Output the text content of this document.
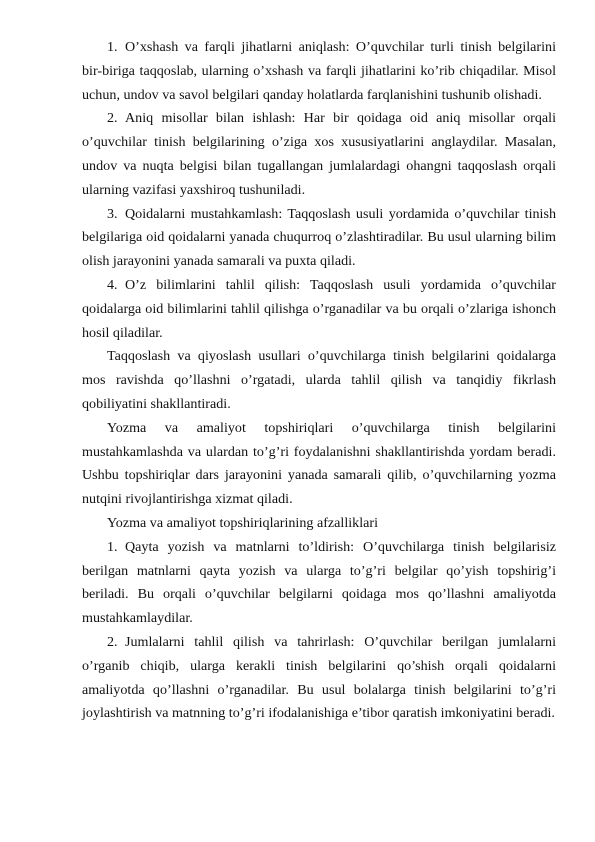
1. O’xshash va farqli jihatlarni aniqlash: O’quvchilar turli tinish belgilarini bir-biriga taqqoslab, ularning o’xshash va farqli jihatlarini ko’rib chiqadilar. Misol uchun, undov va savol belgilari qanday holatlarda farqlanishini tushunib olishadi.

2. Aniq misollar bilan ishlash: Har bir qoidaga oid aniq misollar orqali o’quvchilar tinish belgilarining o’ziga xos xususiyatlarini anglaydilar. Masalan, undov va nuqta belgisi bilan tugallangan jumlalardagi ohangni taqqoslash orqali ularning vazifasi yaxshiroq tushuniladi.

3. Qoidalarni mustahkamlash: Taqqoslash usuli yordamida o’quvchilar tinish belgilariga oid qoidalarni yanada chuqurroq o’zlashtiradilar. Bu usul ularning bilim olish jarayonini yanada samarali va puxta qiladi.

4. O’z bilimlarini tahlil qilish: Taqqoslash usuli yordamida o’quvchilar qoidalarga oid bilimlarini tahlil qilishga o’rganadilar va bu orqali o’zlariga ishonch hosil qiladilar.

Taqqoslash va qiyoslash usullari o’quvchilarga tinish belgilarini qoidalarga mos ravishda qo’llashni o’rgatadi, ularda tahlil qilish va tanqidiy fikrlash qobiliyatini shakllantiradi.

Yozma va amaliyot topshiriqlari o’quvchilarga tinish belgilarini mustahkamlashda va ulardan to’g’ri foydalanishni shakllantirishda yordam beradi. Ushbu topshiriqlar dars jarayonini yanada samarali qilib, o’quvchilarning yozma nutqini rivojlantirishga xizmat qiladi.

Yozma va amaliyot topshiriqlarining afzalliklari

1. Qayta yozish va matnlarni to’ldirish: O’quvchilarga tinish belgilarisiz berilgan matnlarni qayta yozish va ularga to’g’ri belgilar qo’yish topshirig’i beriladi. Bu orqali o’quvchilar belgilarni qoidaga mos qo’llashni amaliyotda mustahkamlaydilar.

2. Jumlalarni tahlil qilish va tahrirlash: O’quvchilar berilgan jumlalarni o’rganib chiqib, ularga kerakli tinish belgilarini qo’shish orqali qoidalarni amaliyotda qo’llashni o’rganadilar. Bu usul bolalarga tinish belgilarini to’g’ri joylashtirish va matnning to’g’ri ifodalanishiga e’tibor qaratish imkoniyatini beradi.
